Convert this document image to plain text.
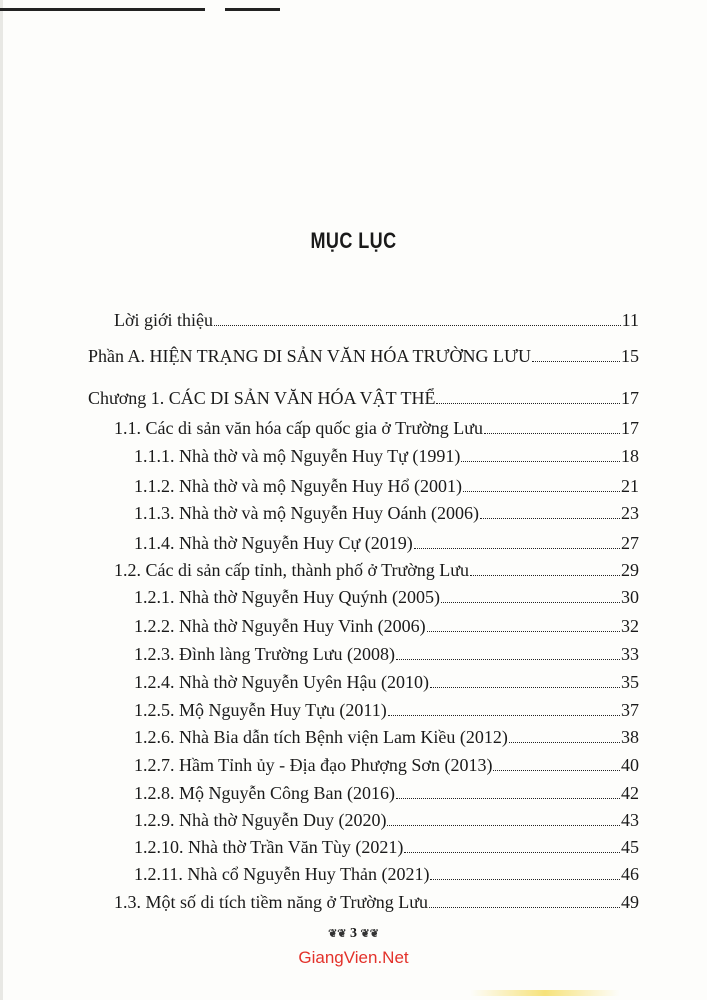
MỤC LỤC
Lời giới thiệu	11
Phần A. HIỆN TRẠNG DI SẢN VĂN HÓA TRƯỜNG LƯU	15
Chương 1. CÁC DI SẢN VĂN HÓA VẬT THỂ	17
1.1. Các di sản văn hóa cấp quốc gia ở Trường Lưu	17
1.1.1. Nhà thờ và mộ Nguyễn Huy Tự (1991)	18
1.1.2. Nhà thờ và mộ Nguyễn Huy Hổ (2001)	21
1.1.3. Nhà thờ và mộ Nguyễn Huy Oánh (2006)	23
1.1.4. Nhà thờ Nguyễn Huy Cự (2019)	27
1.2. Các di sản cấp tỉnh, thành phố ở Trường Lưu	29
1.2.1. Nhà thờ Nguyễn Huy Quýnh (2005)	30
1.2.2. Nhà thờ Nguyễn Huy Vinh (2006)	32
1.2.3. Đình làng Trường Lưu (2008)	33
1.2.4. Nhà thờ Nguyễn Uyên Hậu (2010)	35
1.2.5. Mộ Nguyễn Huy Tựu (2011)	37
1.2.6. Nhà Bia dẫn tích Bệnh viện Lam Kiều (2012)	38
1.2.7. Hầm Tỉnh ủy - Địa đạo Phượng Sơn (2013)	40
1.2.8. Mộ Nguyễn Công Ban (2016)	42
1.2.9. Nhà thờ Nguyễn Duy (2020)	43
1.2.10. Nhà thờ Trần Văn Tùy (2021)	45
1.2.11. Nhà cổ Nguyễn Huy Thản (2021)	46
1.3. Một số di tích tiềm năng ở Trường Lưu	49
❦❦ 3 ❦❦
GiangVien.Net
